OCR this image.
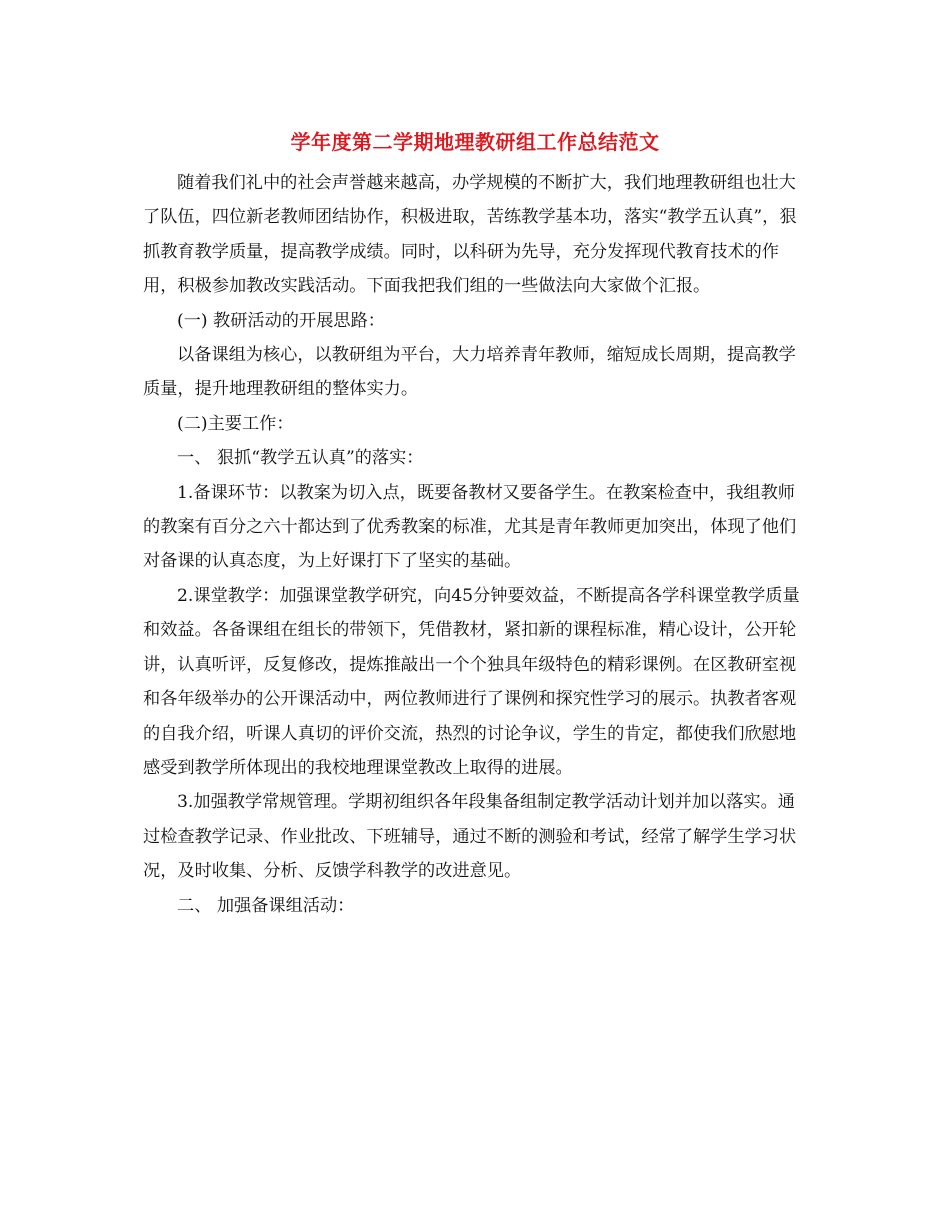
学年度第二学期地理教研组工作总结范文

随着我们礼中的社会声誉越来越高，办学规模的不断扩大，我们地理教研组也壮大了队伍，四位新老教师团结协作，积极进取，苦练教学基本功，落实“教学五认真”，狠抓教育教学质量，提高教学成绩。同时，以科研为先导，充分发挥现代教育技术的作用，积极参加教改实践活动。下面我把我们组的一些做法向大家做个汇报。

(一) 教研活动的开展思路：

以备课组为核心，以教研组为平台，大力培养青年教师，缩短成长周期，提高教学质量，提升地理教研组的整体实力。

(二)主要工作：

一、 狠抓“教学五认真”的落实：

1.备课环节：以教案为切入点，既要备教材又要备学生。在教案检查中，我组教师的教案有百分之六十都达到了优秀教案的标准，尤其是青年教师更加突出，体现了他们对备课的认真态度，为上好课打下了坚实的基础。

2.课堂教学：加强课堂教学研究，向45分钟要效益，不断提高各学科课堂教学质量和效益。各备课组在组长的带领下，凭借教材，紧扣新的课程标准，精心设计，公开轮讲，认真听评，反复修改，提炼推敲出一个个独具年级特色的精彩课例。在区教研室视和各年级举办的公开课活动中，两位教师进行了课例和探究性学习的展示。执教者客观的自我介绍，听课人真切的评价交流，热烈的讨论争议，学生的肯定，都使我们欣慰地感受到教学所体现出的我校地理课堂教改上取得的进展。

3.加强教学常规管理。学期初组织各年段集备组制定教学活动计划并加以落实。通过检查教学记录、作业批改、下班辅导，通过不断的测验和考试，经常了解学生学习状况，及时收集、分析、反馈学科教学的改进意见。

二、 加强备课组活动：
